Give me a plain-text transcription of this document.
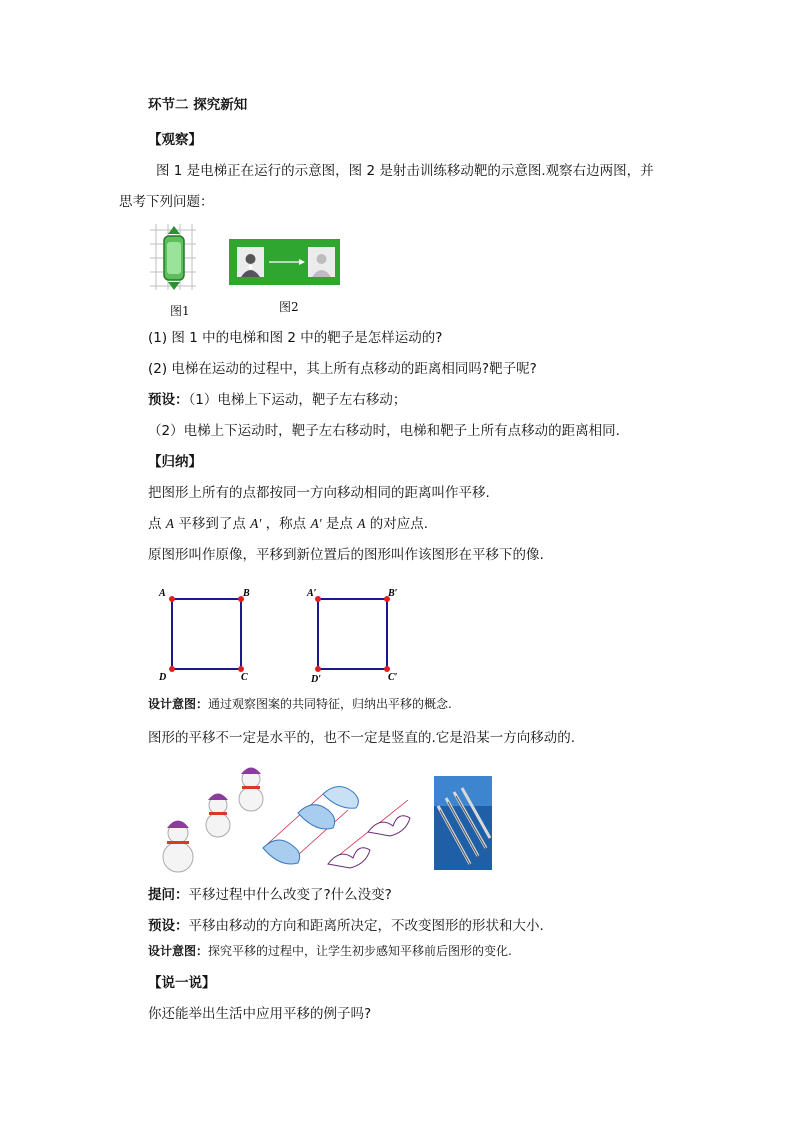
环节二 探究新知
【观察】
图 1 是电梯正在运行的示意图，图 2 是射击训练移动靶的示意图.观察右边两图，并
思考下列问题：
图1	图2
(1) 图 1 中的电梯和图 2 中的靶子是怎样运动的?
(2) 电梯在运动的过程中，其上所有点移动的距离相同吗?靶子呢?
预设：（1）电梯上下运动，靶子左右移动；
（2）电梯上下运动时，靶子左右移动时，电梯和靶子上所有点移动的距离相同.
【归纳】
把图形上所有的点都按同一方向移动相同的距离叫作平移.
点 A 平移到了点 A′ ，称点 A′ 是点 A 的对应点.
原图形叫作原像，平移到新位置后的图形叫作该图形在平移下的像.
A	B
C
D
A′	B′
C′
D′
设计意图：通过观察图案的共同特征，归纳出平移的概念.
图形的平移不一定是水平的，也不一定是竖直的.它是沿某一方向移动的.
提问：平移过程中什么改变了?什么没变?
预设：平移由移动的方向和距离所决定，不改变图形的形状和大小.
设计意图：探究平移的过程中，让学生初步感知平移前后图形的变化.
【说一说】
你还能举出生活中应用平移的例子吗?
